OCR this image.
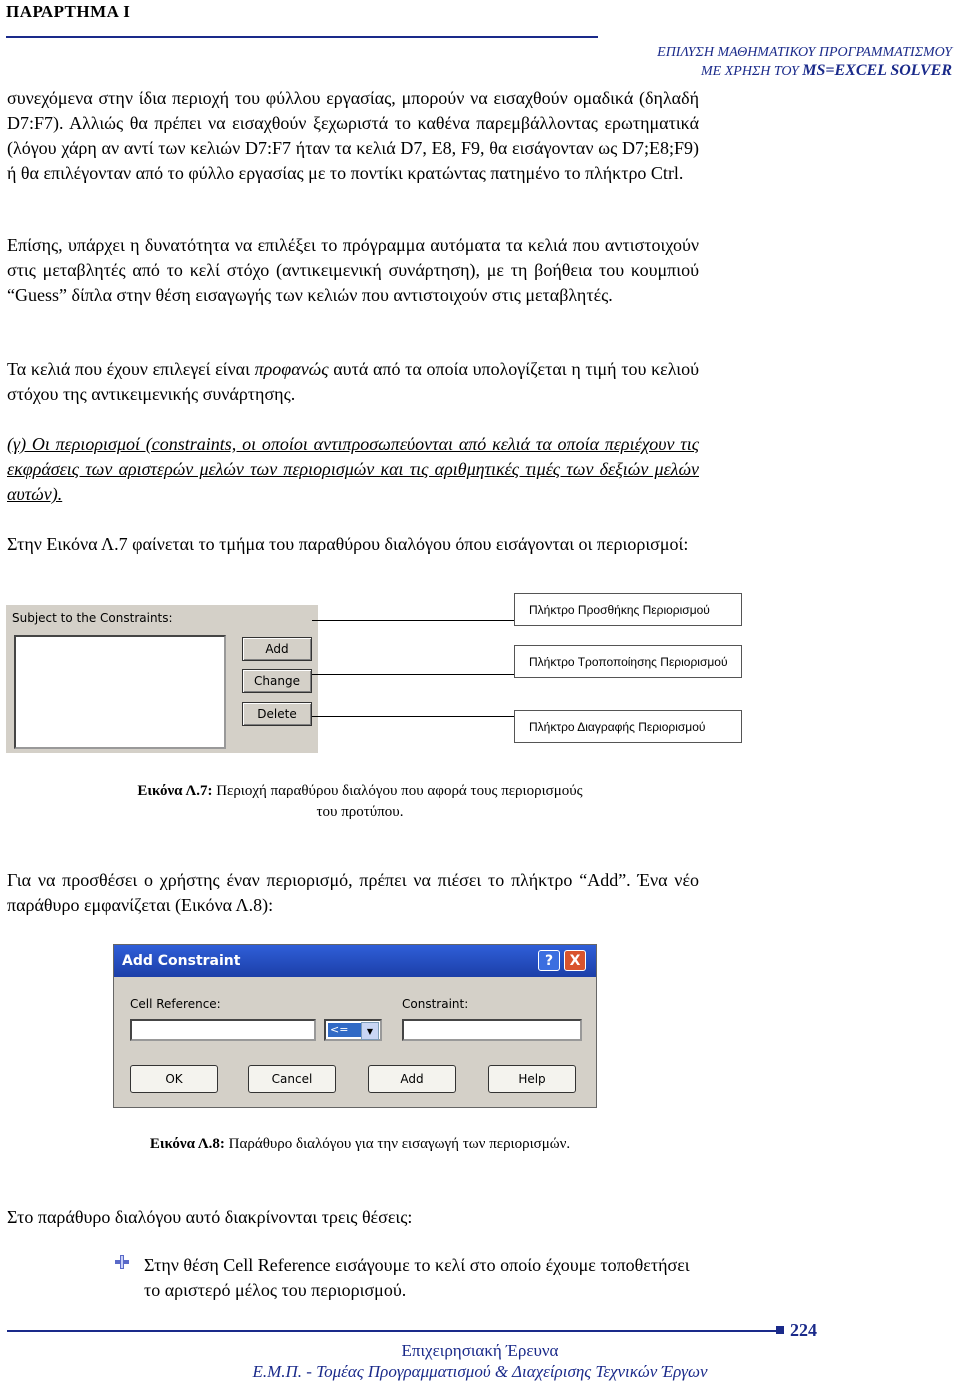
ΠΑΡΑΡΤΗΜΑ Ι
ΕΠΙΛΥΣΗ ΜΑΘΗΜΑΤΙΚΟΥ ΠΡΟΓΡΑΜΜΑΤΙΣΜΟΥ
ΜΕ ΧΡΗΣΗ ΤΟΥ MS=EXCEL SOLVER

συνεχόμενα στην ίδια περιοχή του φύλλου εργασίας, μπορούν να εισαχθούν ομαδικά (δηλαδή D7:F7). Αλλιώς θα πρέπει να εισαχθούν ξεχωριστά το καθένα παρεμβάλλοντας ερωτηματικά (λόγου χάρη αν αντί των κελιών D7:F7 ήταν τα κελιά D7, E8, F9, θα εισάγονταν ως D7;E8;F9) ή θα επιλέγονταν από το φύλλο εργασίας με το ποντίκι κρατώντας πατημένο το πλήκτρο Ctrl.

Επίσης, υπάρχει η δυνατότητα να επιλέξει το πρόγραμμα αυτόματα τα κελιά που αντιστοιχούν στις μεταβλητές από το κελί στόχο (αντικειμενική συνάρτηση), με τη βοήθεια του κουμπιού “Guess” δίπλα στην θέση εισαγωγής των κελιών που αντιστοιχούν στις μεταβλητές.

Τα κελιά που έχουν επιλεγεί είναι προφανώς αυτά από τα οποία υπολογίζεται η τιμή του κελιού στόχου της αντικειμενικής συνάρτησης.

(γ) Οι περιορισμοί (constraints, οι οποίοι αντιπροσωπεύονται από κελιά τα οποία περιέχουν τις εκφράσεις των αριστερών μελών των περιορισμών και τις αριθμητικές τιμές των δεξιών μελών αυτών).

Στην Εικόνα Λ.7 φαίνεται το τμήμα του παραθύρου διαλόγου όπου εισάγονται οι περιορισμοί:

Subject to the Constraints:
Add
Change
Delete
Πλήκτρο Προσθήκης Περιορισμού
Πλήκτρο Τροποποίησης Περιορισμού
Πλήκτρο Διαγραφής Περιορισμού
Εικόνα Λ.7: Περιοχή παραθύρου διαλόγου που αφορά τους περιορισμούς
του προτύπου.

Για να προσθέσει ο χρήστης έναν περιορισμό, πρέπει να πιέσει το πλήκτρο “Add”. Ένα νέο παράθυρο εμφανίζεται (Εικόνα Λ.8):

Add Constraint	?	X
Cell Reference:	Constraint:
<=	▼
OK	Cancel	Add	Help
Εικόνα Λ.8: Παράθυρο διαλόγου για την εισαγωγή των περιορισμών.

Στο παράθυρο διαλόγου αυτό διακρίνονται τρεις θέσεις:

Στην θέση Cell Reference εισάγουμε το κελί στο οποίο έχουμε τοποθετήσει το αριστερό μέλος του περιορισμού.

224
Επιχειρησιακή Έρευνα
Ε.Μ.Π. - Τομέας Προγραμματισμού & Διαχείρισης Τεχνικών Έργων
